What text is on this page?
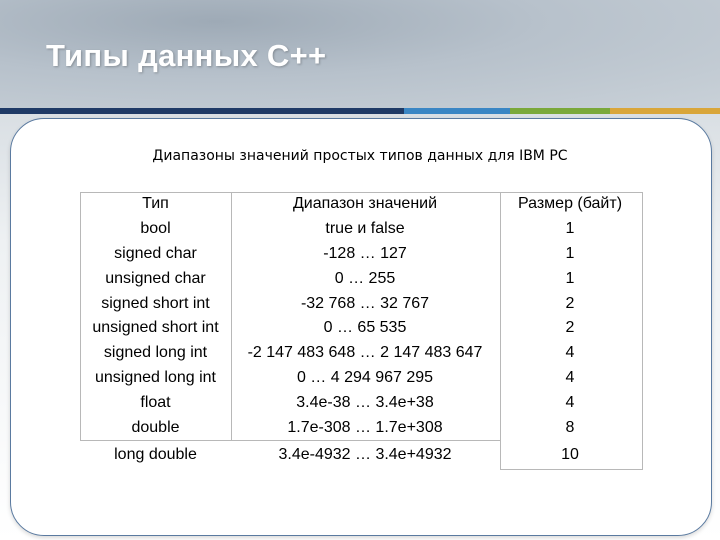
Типы данных С++
Диапазоны значений простых типов данных для IBM PC
Тип	Диапазон значений	Размер (байт)
bool	true и false	1
signed char	-128 … 127	1
unsigned char	0 … 255	1
signed short int	-32 768 … 32 767	2
unsigned short int	0 … 65 535	2
signed long int	-2 147 483 648 … 2 147 483 647	4
unsigned long int	0 … 4 294 967 295	4
float	3.4e-38 … 3.4e+38	4
double	1.7e-308 … 1.7e+308	8
long double	3.4e-4932 … 3.4e+4932	10
